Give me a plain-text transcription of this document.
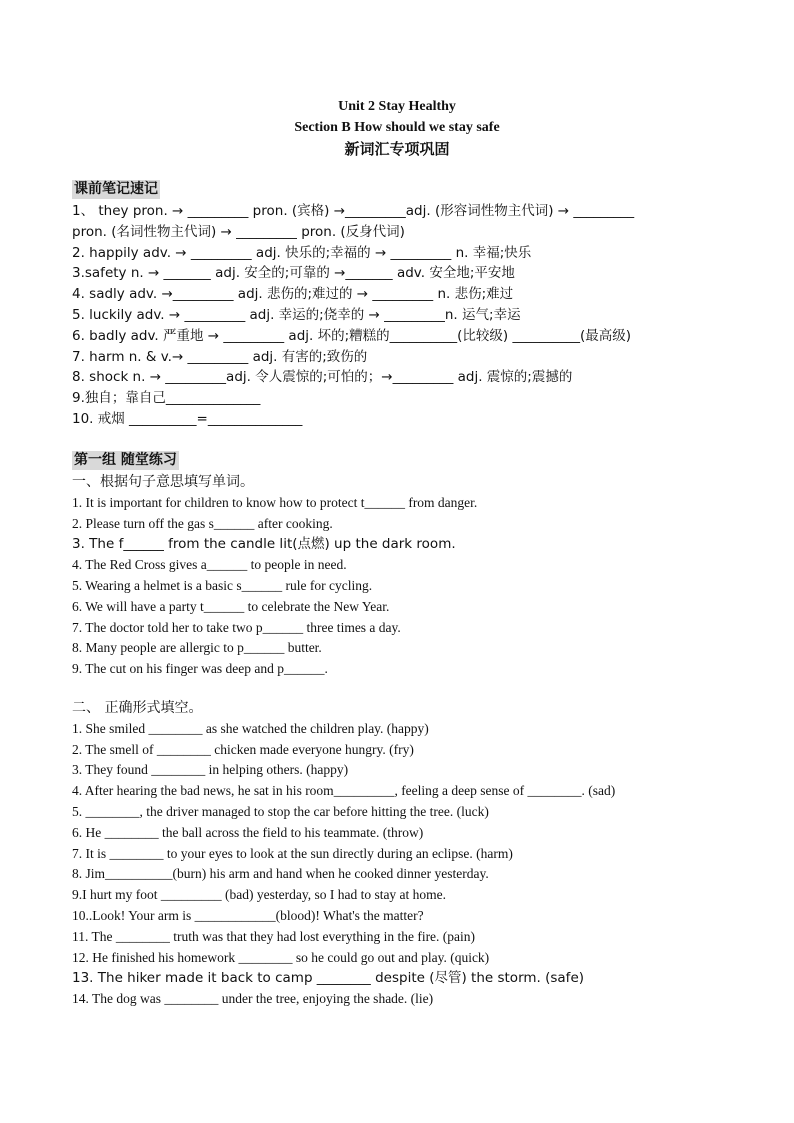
Unit 2 Stay Healthy
Section B How should we stay safe
新词汇专项巩固
课前笔记速记
1、 they pron. → _________ pron. (宾格) →_________adj. (形容词性物主代词) → _________
pron. (名词性物主代词) → _________ pron. (反身代词)
2. happily adv. → _________ adj. 快乐的;幸福的 → _________ n. 幸福;快乐
3.safety n. → _______ adj. 安全的;可靠的 →_______ adv. 安全地;平安地
4. sadly adv. →_________ adj. 悲伤的;难过的 → _________ n. 悲伤;难过
5. luckily adv. → _________ adj. 幸运的;侥幸的 → _________n. 运气;幸运
6. badly adv. 严重地 → _________ adj. 坏的;糟糕的__________(比较级) __________(最高级)
7. harm n. & v.→ _________ adj. 有害的;致伤的
8. shock n. → _________adj. 令人震惊的;可怕的；→_________ adj. 震惊的;震撼的
9.独自；靠自己______________
10. 戒烟 __________=______________
第一组 随堂练习
一、根据句子意思填写单词。
1. It is important for children to know how to protect t______ from danger.
2. Please turn off the gas s______ after cooking.
3. The f______ from the candle lit(点燃) up the dark room.
4. The Red Cross gives a______ to people in need.
5. Wearing a helmet is a basic s______ rule for cycling.
6. We will have a party t______ to celebrate the New Year.
7. The doctor told her to take two p______ three times a day.
8. Many people are allergic to p______ butter.
9. The cut on his finger was deep and p______.
二、 正确形式填空。
1. She smiled ________ as she watched the children play. (happy)
2. The smell of ________ chicken made everyone hungry. (fry)
3. They found ________ in helping others. (happy)
4. After hearing the bad news, he sat in his room_________, feeling a deep sense of ________. (sad)
5. ________, the driver managed to stop the car before hitting the tree. (luck)
6. He ________ the ball across the field to his teammate. (throw)
7. It is ________ to your eyes to look at the sun directly during an eclipse. (harm)
8. Jim__________(burn) his arm and hand when he cooked dinner yesterday.
9.I hurt my foot _________ (bad) yesterday, so I had to stay at home.
10..Look! Your arm is ____________(blood)! What's the matter?
11. The ________ truth was that they had lost everything in the fire. (pain)
12. He finished his homework ________ so he could go out and play. (quick)
13. The hiker made it back to camp ________ despite (尽管) the storm. (safe)
14. The dog was ________ under the tree, enjoying the shade. (lie)
